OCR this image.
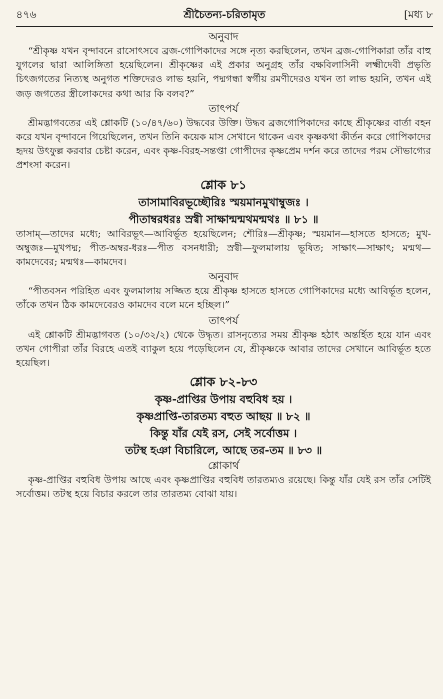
৪৭৬	শ্রীচৈতন্য-চরিতামৃত	[মধ্য ৮
অনুবাদ
“শ্রীকৃষ্ণ যখন বৃন্দাবনে রাসোৎসবে ব্রজ-গোপিকাদের সঙ্গে নৃত্য করছিলেন, তখন ব্রজ-গোপিকারা তাঁর বাহু যুগলের দ্বারা আলিঙ্গিতা হয়েছিলেন। শ্রীকৃষ্ণের এই প্রকার অনুগ্রহ তাঁর বক্ষবিলাসিনী লক্ষ্মীদেবী প্রভৃতি চিৎজগতের নিত্যস্থ অনুগত শক্তিদেরও লাভ হয়নি, পদ্মগন্ধা স্বর্গীয় রমণীদেরও যখন তা লাভ হয়নি, তখন এই জড় জগতের স্ত্রীলোকদের কথা আর কি বলব?”
তাৎপর্য
শ্রীমদ্ভাগবতের এই শ্লোকটি (১০/৪৭/৬০) উদ্ধবের উক্তি। উদ্ধব ব্রজগোপিকাদের কাছে শ্রীকৃষ্ণের বার্তা বহন করে যখন বৃন্দাবনে গিয়েছিলেন, তখন তিনি কয়েক মাস সেখানে থাকেন এবং কৃষ্ণকথা কীর্তন করে গোপিকাদের হৃদয় উৎফুল্ল করবার চেষ্টা করেন, এবং কৃষ্ণ-বিরহ-সন্তপ্তা গোপীদের কৃষ্ণপ্রেম দর্শন করে তাদের পরম সৌভাগ্যের প্রশংসা করেন।
শ্লোক ৮১
তাসামাবিরভূচ্ছৌরিঃ স্ময়মানমুখাম্বুজঃ ।
পীতাম্বরধরঃ স্রগ্বী সাক্ষান্মন্মথমন্মথঃ ॥ ৮১ ॥
তাসাম্—তাদের মধ্যে; আবিরভূৎ—আবির্ভূত হয়েছিলেন; শৌরিঃ—শ্রীকৃষ্ণ; স্ময়মান—হাসতে হাসতে; মুখ-অম্বুজঃ—মুখপদ্ম; পীত-অম্বর-ধরঃ—পীত বসনধারী; স্রগ্বী—ফুলমালায় ভূষিত; সাক্ষাৎ—সাক্ষাৎ; মন্মথ—কামদেবের; মন্মথঃ—কামদেব।
অনুবাদ
“পীতবসন পরিহিত এবং ফুলমালায় সজ্জিত হয়ে শ্রীকৃষ্ণ হাসতে হাসতে গোপিকাদের মধ্যে আবির্ভূত হলেন, তাঁকে তখন ঠিক কামদেবেরও কামদেব বলে মনে হচ্ছিল।”
তাৎপর্য
এই শ্লোকটি শ্রীমদ্ভাগবত (১০/৩২/২) থেকে উদ্ধৃত। রাসনৃত্যের সময় শ্রীকৃষ্ণ হঠাৎ অন্তর্হিত হয়ে যান এবং তখন গোপীরা তাঁর বিরহে এতই ব্যাকুল হয়ে পড়েছিলেন যে, শ্রীকৃষ্ণকে আবার তাদের সেখানে আবির্ভূত হতে হয়েছিল।
শ্লোক ৮২-৮৩
কৃষ্ণ-প্রাপ্তির উপায় বহুবিধ হয় ।
কৃষ্ণপ্রাপ্তি-তারতম্য বহুত আছয় ॥ ৮২ ॥
কিন্তু যাঁর যেই রস, সেই সর্বোত্তম ।
তটস্থ হঞা বিচারিলে, আছে তর-তম ॥ ৮৩ ॥
শ্লোকার্থ
কৃষ্ণ-প্রাপ্তির বহুবিধ উপায় আছে এবং কৃষ্ণপ্রাপ্তির বহুবিধ তারতম্যও রয়েছে। কিন্তু যাঁর যেই রস তাঁর সেটিই সর্বোত্তম। তটস্থ হয়ে বিচার করলে তার তারতম্য বোঝা যায়।
